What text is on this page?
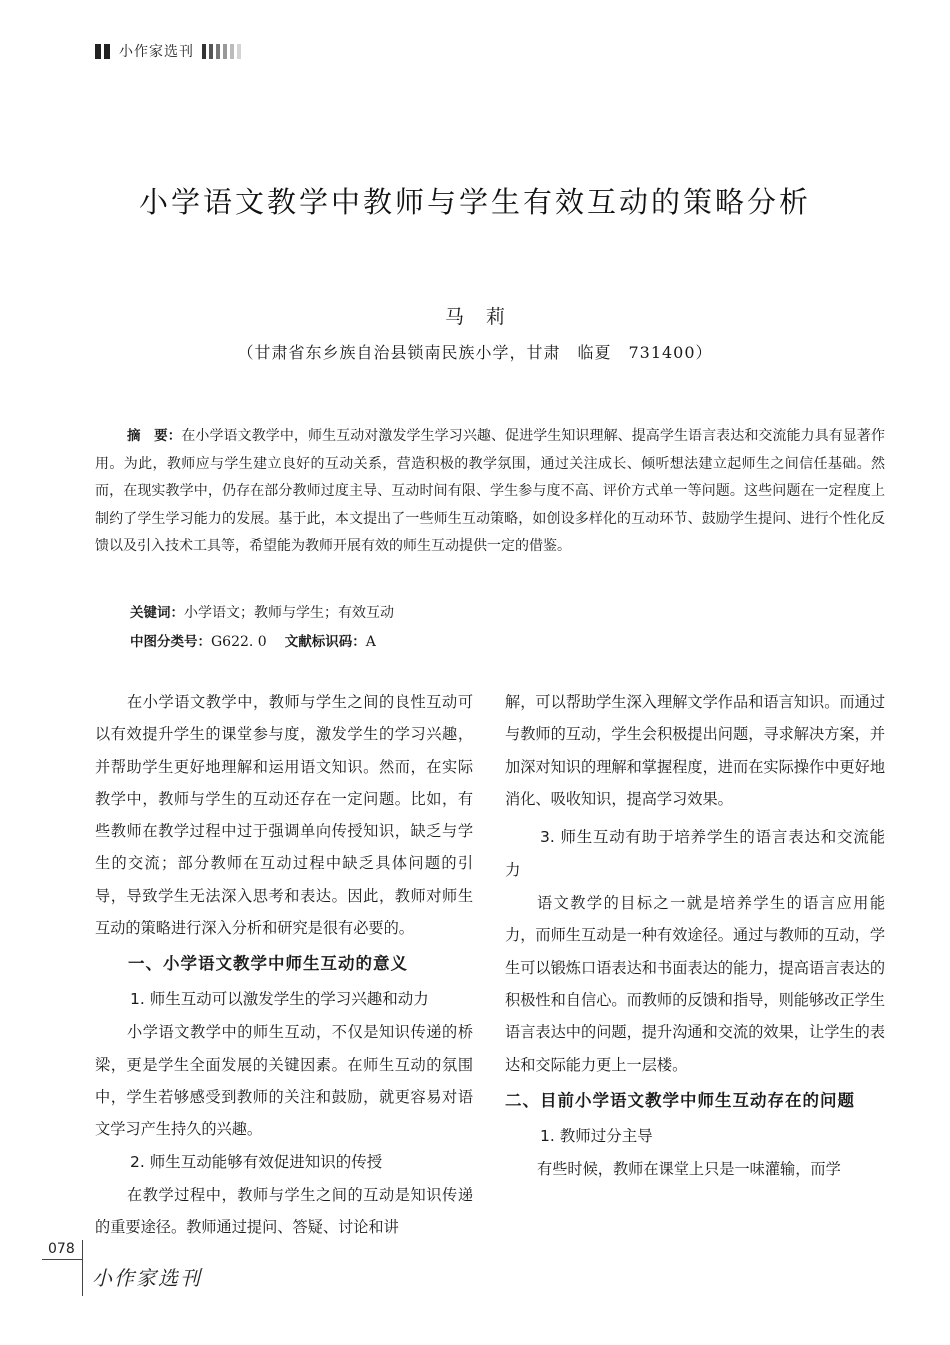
小作家选刊
小学语文教学中教师与学生有效互动的策略分析
马莉
（甘肃省东乡族自治县锁南民族小学，甘肃　临夏　731400）
摘　要：在小学语文教学中，师生互动对激发学生学习兴趣、促进学生知识理解、提高学生语言表达和交流能力具有显著作用。为此，教师应与学生建立良好的互动关系，营造积极的教学氛围，通过关注成长、倾听想法建立起师生之间信任基础。然而，在现实教学中，仍存在部分教师过度主导、互动时间有限、学生参与度不高、评价方式单一等问题。这些问题在一定程度上制约了学生学习能力的发展。基于此，本文提出了一些师生互动策略，如创设多样化的互动环节、鼓励学生提问、进行个性化反馈以及引入技术工具等，希望能为教师开展有效的师生互动提供一定的借鉴。
关键词：小学语文；教师与学生；有效互动
中图分类号：G622. 0 文献标识码：A

在小学语文教学中，教师与学生之间的良性互动可以有效提升学生的课堂参与度，激发学生的学习兴趣，并帮助学生更好地理解和运用语文知识。然而，在实际教学中，教师与学生的互动还存在一定问题。比如，有些教师在教学过程中过于强调单向传授知识，缺乏与学生的交流；部分教师在互动过程中缺乏具体问题的引导，导致学生无法深入思考和表达。因此，教师对师生互动的策略进行深入分析和研究是很有必要的。

一、小学语文教学中师生互动的意义

1. 师生互动可以激发学生的学习兴趣和动力

小学语文教学中的师生互动，不仅是知识传递的桥梁，更是学生全面发展的关键因素。在师生互动的氛围中，学生若够感受到教师的关注和鼓励，就更容易对语文学习产生持久的兴趣。

2. 师生互动能够有效促进知识的传授

在教学过程中，教师与学生之间的互动是知识传递的重要途径。教师通过提问、答疑、讨论和讲

解，可以帮助学生深入理解文学作品和语言知识。而通过与教师的互动，学生会积极提出问题，寻求解决方案，并加深对知识的理解和掌握程度，进而在实际操作中更好地消化、吸收知识，提高学习效果。

3. 师生互动有助于培养学生的语言表达和交流能力

语文教学的目标之一就是培养学生的语言应用能力，而师生互动是一种有效途径。通过与教师的互动，学生可以锻炼口语表达和书面表达的能力，提高语言表达的积极性和自信心。而教师的反馈和指导，则能够改正学生语言表达中的问题，提升沟通和交流的效果，让学生的表达和交际能力更上一层楼。

二、目前小学语文教学中师生互动存在的问题

1. 教师过分主导

有些时候，教师在课堂上只是一味灌输，而学

078
小作家选刊
